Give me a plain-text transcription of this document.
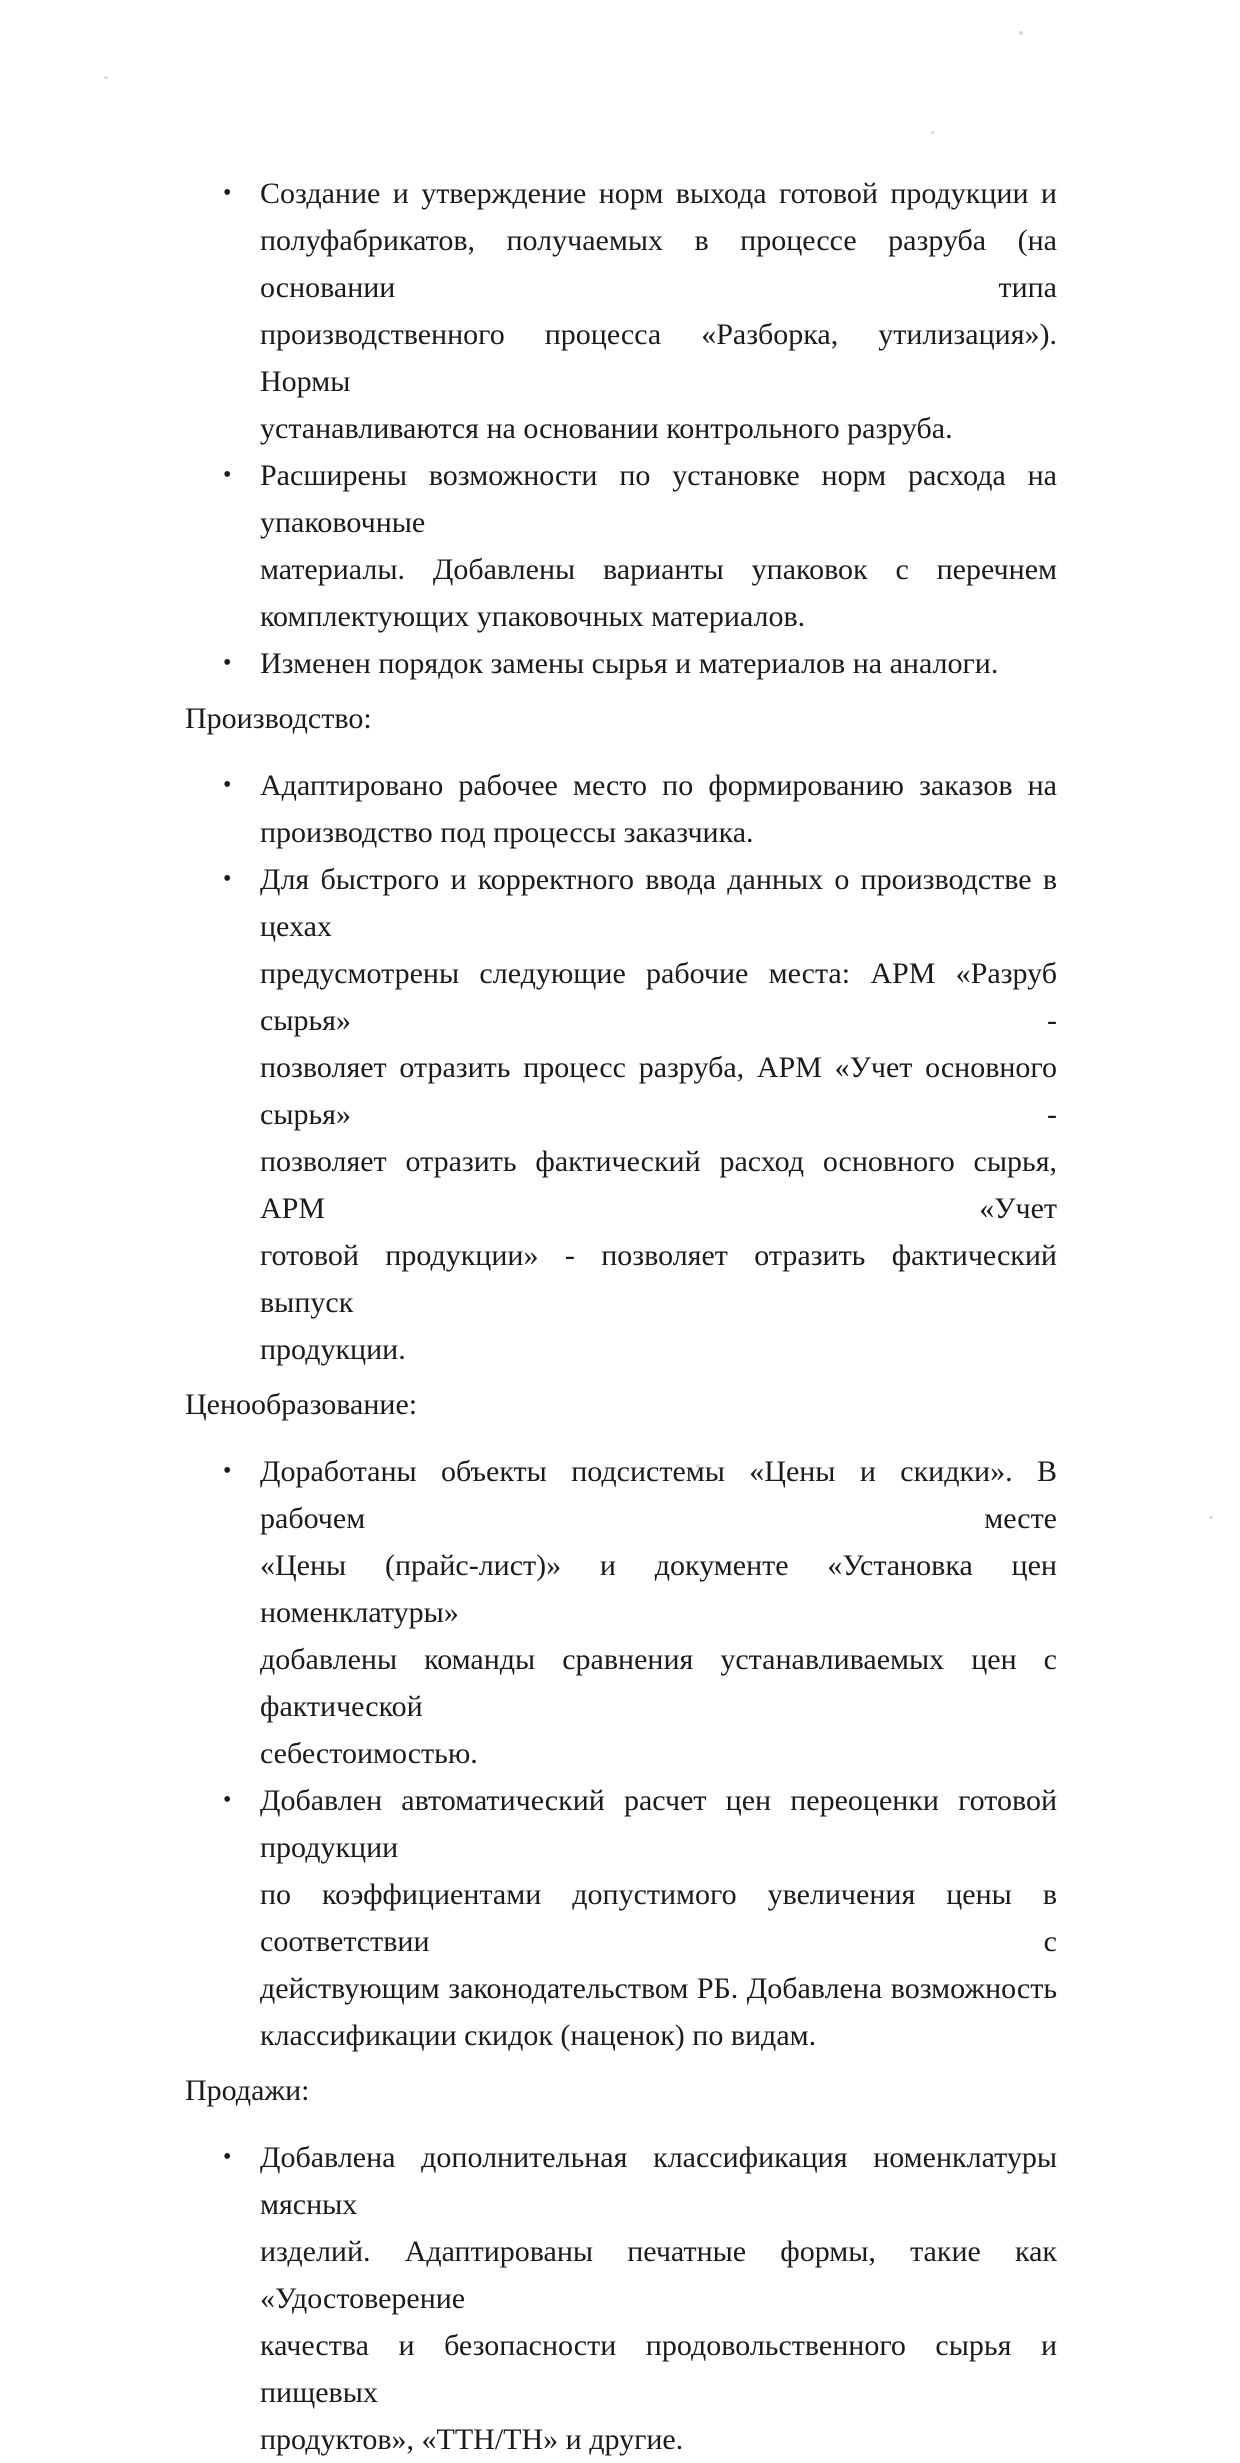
• Создание и утверждение норм выхода готовой продукции и
полуфабрикатов, получаемых в процессе разруба (на основании типа
производственного процесса «Разборка, утилизация»). Нормы
устанавливаются на основании контрольного разруба.
• Расширены возможности по установке норм расхода на упаковочные
материалы. Добавлены варианты упаковок с перечнем
комплектующих упаковочных материалов.
• Изменен порядок замены сырья и материалов на аналоги.
Производство:
• Адаптировано рабочее место по формированию заказов на
производство под процессы заказчика.
• Для быстрого и корректного ввода данных о производстве в цехах
предусмотрены следующие рабочие места: АРМ «Разруб сырья» -
позволяет отразить процесс разруба, АРМ «Учет основного сырья» -
позволяет отразить фактический расход основного сырья, АРМ «Учет
готовой продукции» - позволяет отразить фактический выпуск
продукции.
Ценообразование:
• Доработаны объекты подсистемы «Цены и скидки». В рабочем месте
«Цены (прайс-лист)» и документе «Установка цен номенклатуры»
добавлены команды сравнения устанавливаемых цен с фактической
себестоимостью.
• Добавлен автоматический расчет цен переоценки готовой продукции
по коэффициентами допустимого увеличения цены в соответствии с
действующим законодательством РБ. Добавлена возможность
классификации скидок (наценок) по видам.
Продажи:
• Добавлена дополнительная классификация номенклатуры мясных
изделий. Адаптированы печатные формы, такие как «Удостоверение
качества и безопасности продовольственного сырья и пищевых
продуктов», «ТТН/ТН» и другие.
